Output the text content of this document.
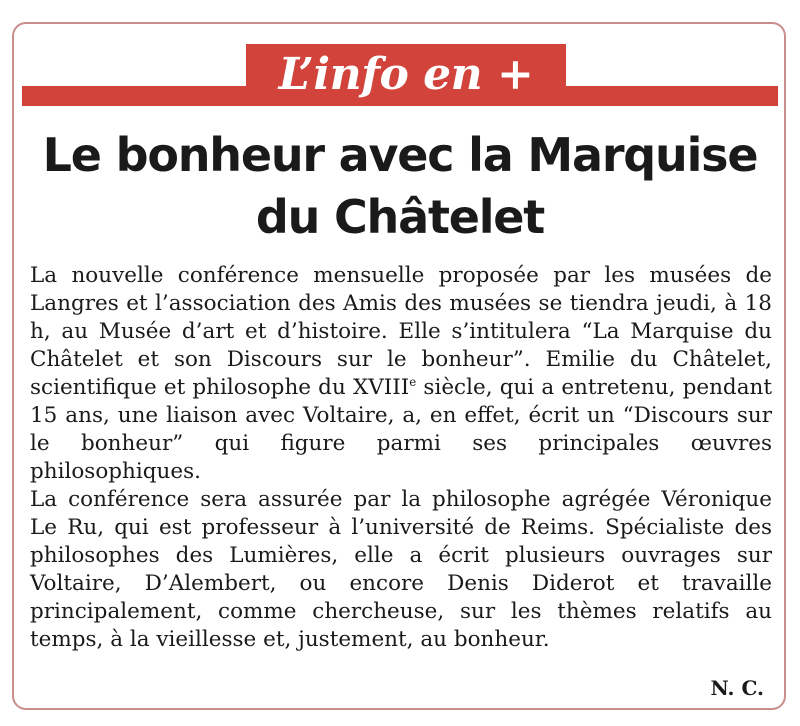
L’info en +
Le bonheur avec la Marquise du Châtelet

La nouvelle conférence mensuelle proposée par les musées de Langres et l’association des Amis des musées se tiendra jeudi, à 18 h, au Musée d’art et d’histoire. Elle s’intitulera “La Marquise du Châtelet et son Discours sur le bonheur”. Emilie du Châtelet, scientifique et philosophe du XVIIIe siècle, qui a entretenu, pendant 15 ans, une liaison avec Voltaire, a, en effet, écrit un “Discours sur le bonheur” qui figure parmi ses principales œuvres philosophiques.

La conférence sera assurée par la philosophe agrégée Véronique Le Ru, qui est professeur à l’université de Reims. Spécialiste des philosophes des Lumières, elle a écrit plusieurs ouvrages sur Voltaire, D’Alembert, ou encore Denis Diderot et travaille principalement, comme chercheuse, sur les thèmes relatifs au temps, à la vieillesse et, justement, au bonheur.

N. C.
